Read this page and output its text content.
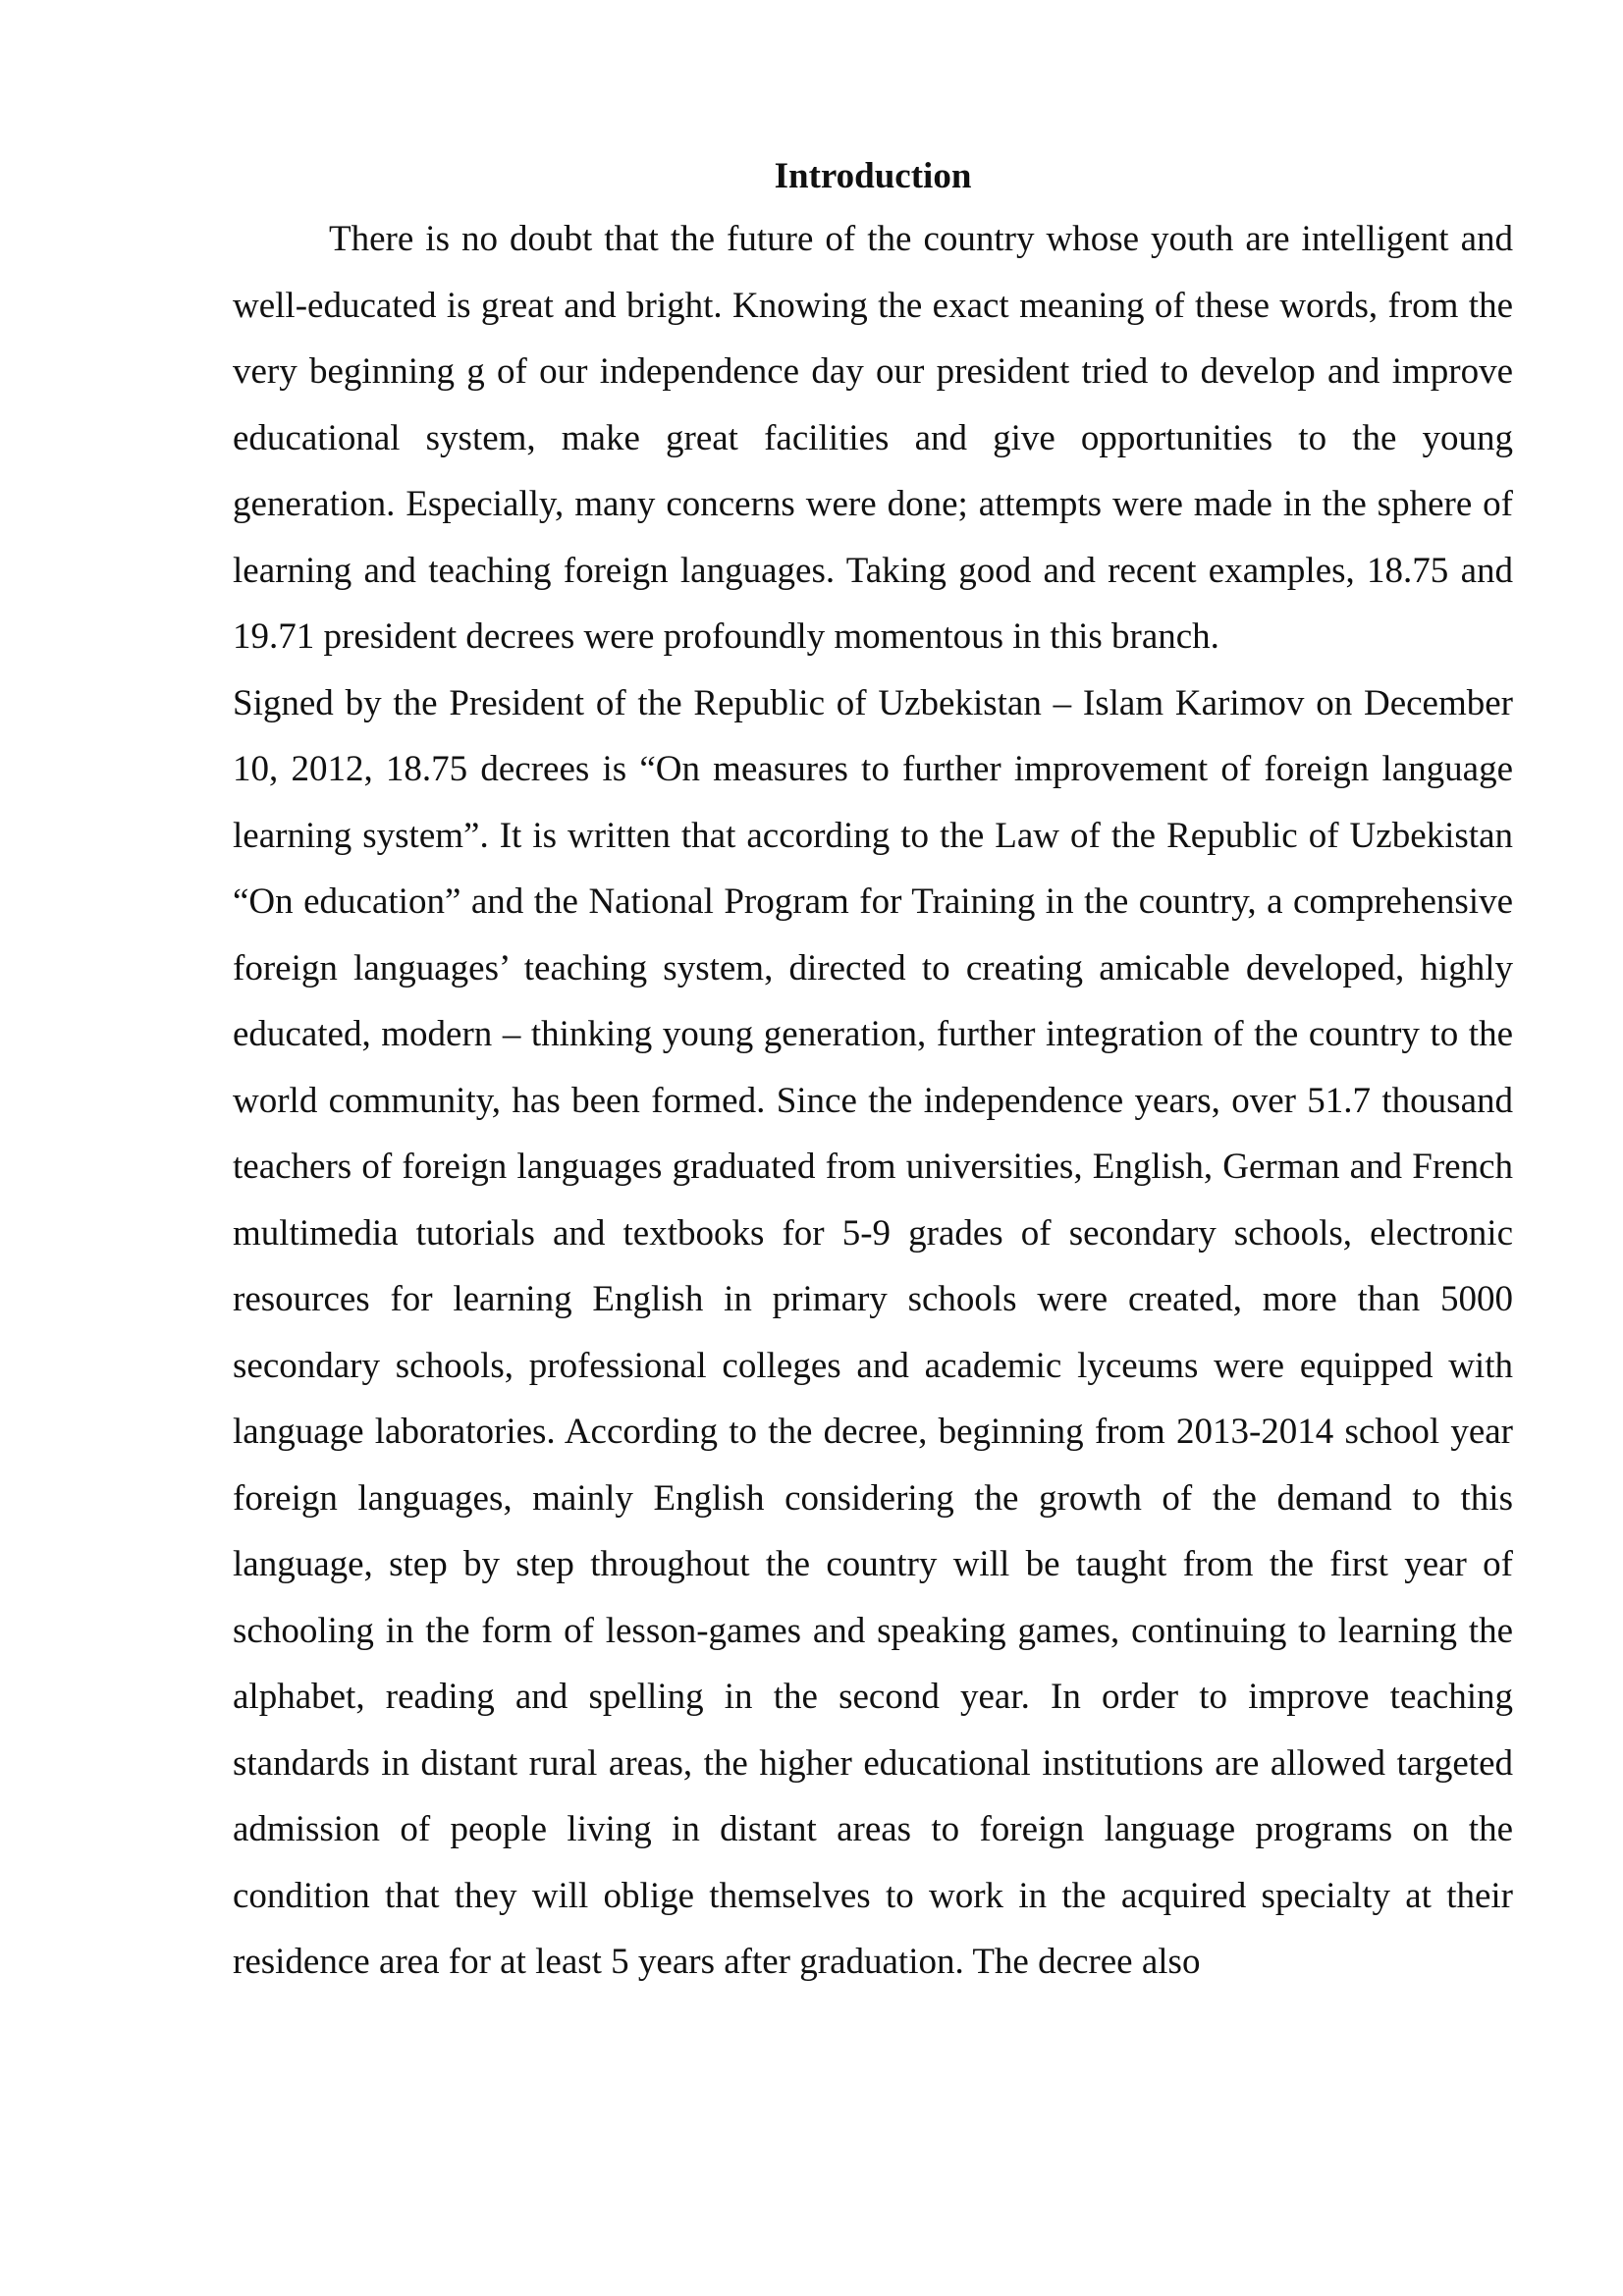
Introduction

There is no doubt that the future of the country whose youth are intelligent and well-educated is great and bright. Knowing the exact meaning of these words, from the very beginning g of our independence day our president tried to develop and improve educational system, make great facilities and give opportunities to the young generation. Especially, many concerns were done; attempts were made in the sphere of learning and teaching foreign languages. Taking good and recent examples, 18.75 and 19.71 president decrees were profoundly momentous in this branch.

Signed by the President of the Republic of Uzbekistan – Islam Karimov on December 10, 2012, 18.75 decrees is “On measures to further improvement of foreign language learning system”. It is written that according to the Law of the Republic of Uzbekistan “On education” and the National Program for Training in the country, a comprehensive foreign languages’ teaching system, directed to creating amicable developed, highly educated, modern – thinking young generation, further integration of the country to the world community, has been formed. Since the independence years, over 51.7 thousand teachers of foreign languages graduated from universities, English, German and French multimedia tutorials and textbooks for 5-9 grades of secondary schools, electronic resources for learning English in primary schools were created, more than 5000 secondary schools, professional colleges and academic lyceums were equipped with language laboratories. According to the decree, beginning from 2013-2014 school year foreign languages, mainly English considering the growth of the demand to this language, step by step throughout the country will be taught from the first year of schooling in the form of lesson-games and speaking games, continuing to learning the alphabet, reading and spelling in the second year. In order to improve teaching standards in distant rural areas, the higher educational institutions are allowed targeted admission of people living in distant areas to foreign language programs on the condition that they will oblige themselves to work in the acquired specialty at their residence area for at least 5 years after graduation. The decree also
